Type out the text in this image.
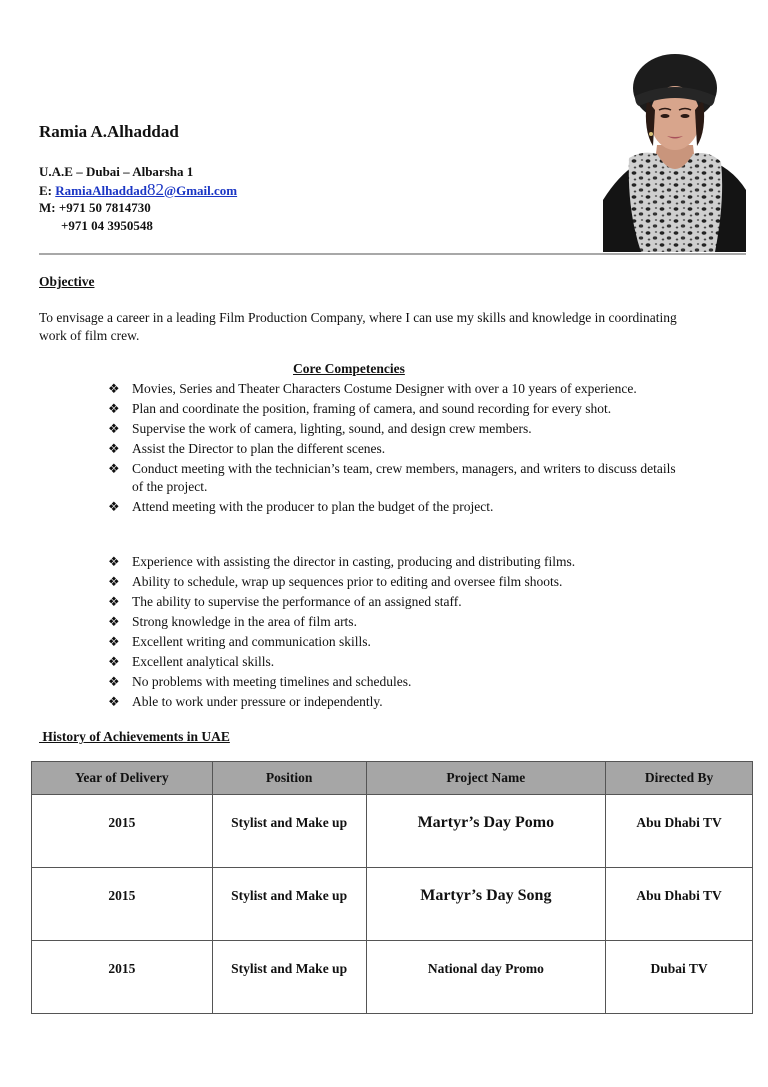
Ramia A.Alhaddad
U.A.E – Dubai – Albarsha 1
E: RamiaAlhaddad82@Gmail.com
M: +971 50 7814730
+971 04 3950548
Objective
To envisage a career in a leading Film Production Company, where I can use my skills and knowledge in coordinating work of film crew.
Core Competencies
❖ Movies, Series and Theater Characters Costume Designer with over a 10 years of experience.
❖ Plan and coordinate the position, framing of camera, and sound recording for every shot.
❖ Supervise the work of camera, lighting, sound, and design crew members.
❖ Assist the Director to plan the different scenes.
❖ Conduct meeting with the technician’s team, crew members, managers, and writers to discuss details of the project.
❖ Attend meeting with the producer to plan the budget of the project.
❖ Experience with assisting the director in casting, producing and distributing films.
❖ Ability to schedule, wrap up sequences prior to editing and oversee film shoots.
❖ The ability to supervise the performance of an assigned staff.
❖ Strong knowledge in the area of film arts.
❖ Excellent writing and communication skills.
❖ Excellent analytical skills.
❖ No problems with meeting timelines and schedules.
❖ Able to work under pressure or independently.
History of Achievements in UAE
Year of Delivery	Position	Project Name	Directed By
2015	Stylist and Make up	Martyr’s Day Pomo	Abu Dhabi TV
2015	Stylist and Make up	Martyr’s Day Song	Abu Dhabi TV
2015	Stylist and Make up	National day Promo	Dubai TV
